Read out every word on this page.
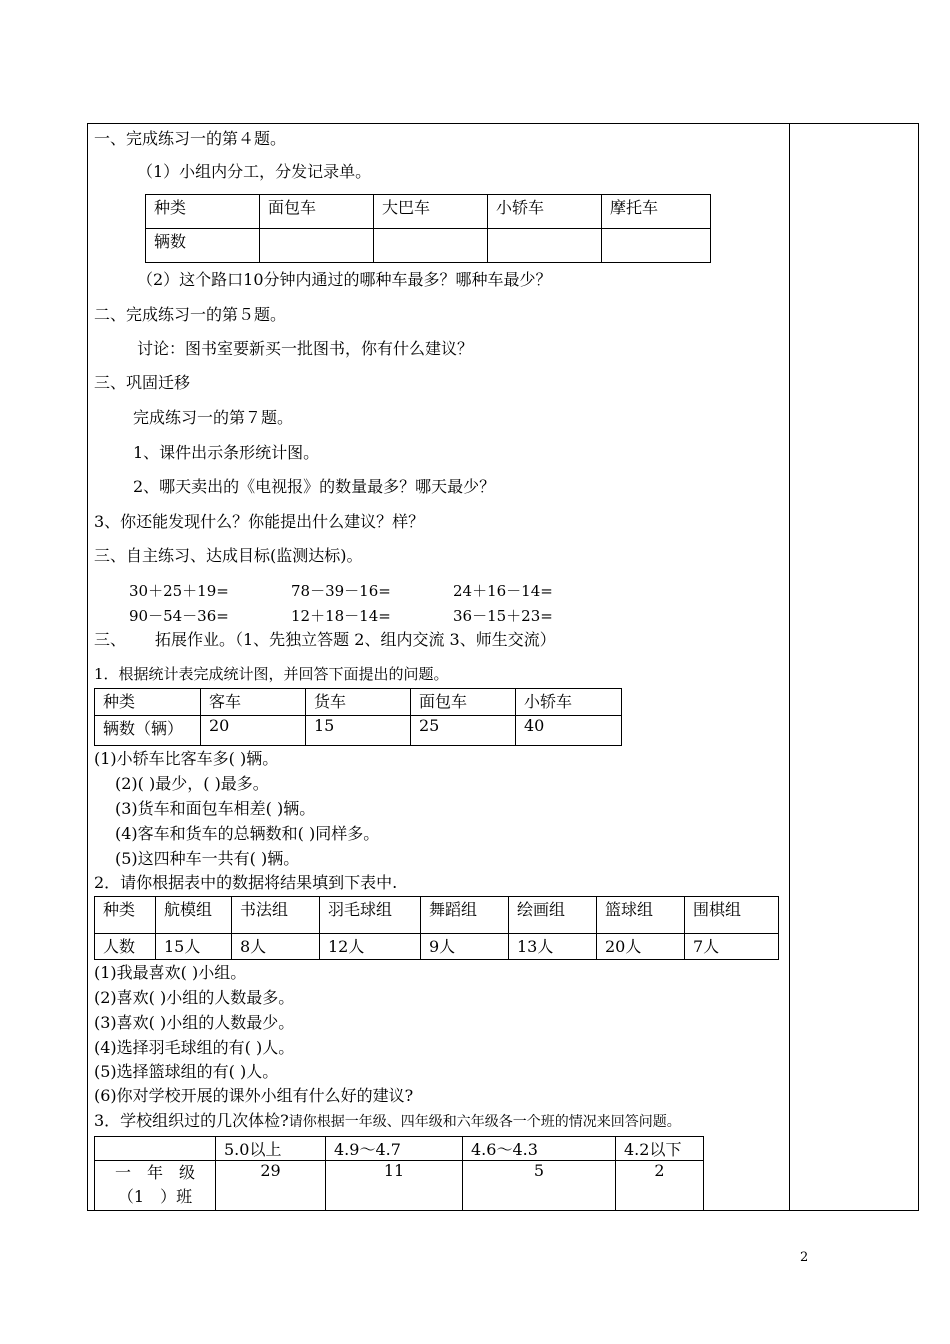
一、完成练习一的第４题。
（1）小组内分工，分发记录单。
种类	面包车	大巴车	小轿车	摩托车
辆数				
（2）这个路口10分钟内通过的哪种车最多？哪种车最少？
二、完成练习一的第５题。
讨论：图书室要新买一批图书，你有什么建议？
三、巩固迁移
完成练习一的第７题。
1、课件出示条形统计图。
2、哪天卖出的《电视报》的数量最多？哪天最少？
3、你还能发现什么？你能提出什么建议？样？
三、自主练习、达成目标(监测达标)。
30＋25＋19=	78－39－16=	24＋16－14=
90－54－36=	12＋18－14=	36－15＋23=
三、 拓展作业。（1、先独立答题 2、组内交流 3、师生交流）
1．根据统计表完成统计图，并回答下面提出的问题。
种类	客车	货车	面包车	小轿车
辆数（辆）	20	15	25	40
(1)小轿车比客车多( )辆。
(2)( )最少，( )最多。
(3)货车和面包车相差( )辆。
(4)客车和货车的总辆数和( )同样多。
(5)这四种车一共有( )辆。
2．请你根据表中的数据将结果填到下表中.
种类	航模组	书法组	羽毛球组	舞蹈组	绘画组	篮球组	围棋组
人数	15人	8人	12人	9人	13人	20人	7人
(1)我最喜欢( )小组。
(2)喜欢( )小组的人数最多。
(3)喜欢( )小组的人数最少。
(4)选择羽毛球组的有( )人。
(5)选择篮球组的有( )人。
(6)你对学校开展的课外小组有什么好的建议?
3．学校组织过的几次体检?请你根据一年级、四年级和六年级各一个班的情况来回答问题。
	5.0以上	4.9～4.7	4.6～4.3	4.2以下

一　年　级
（1　）班	29	11	5	2
2
